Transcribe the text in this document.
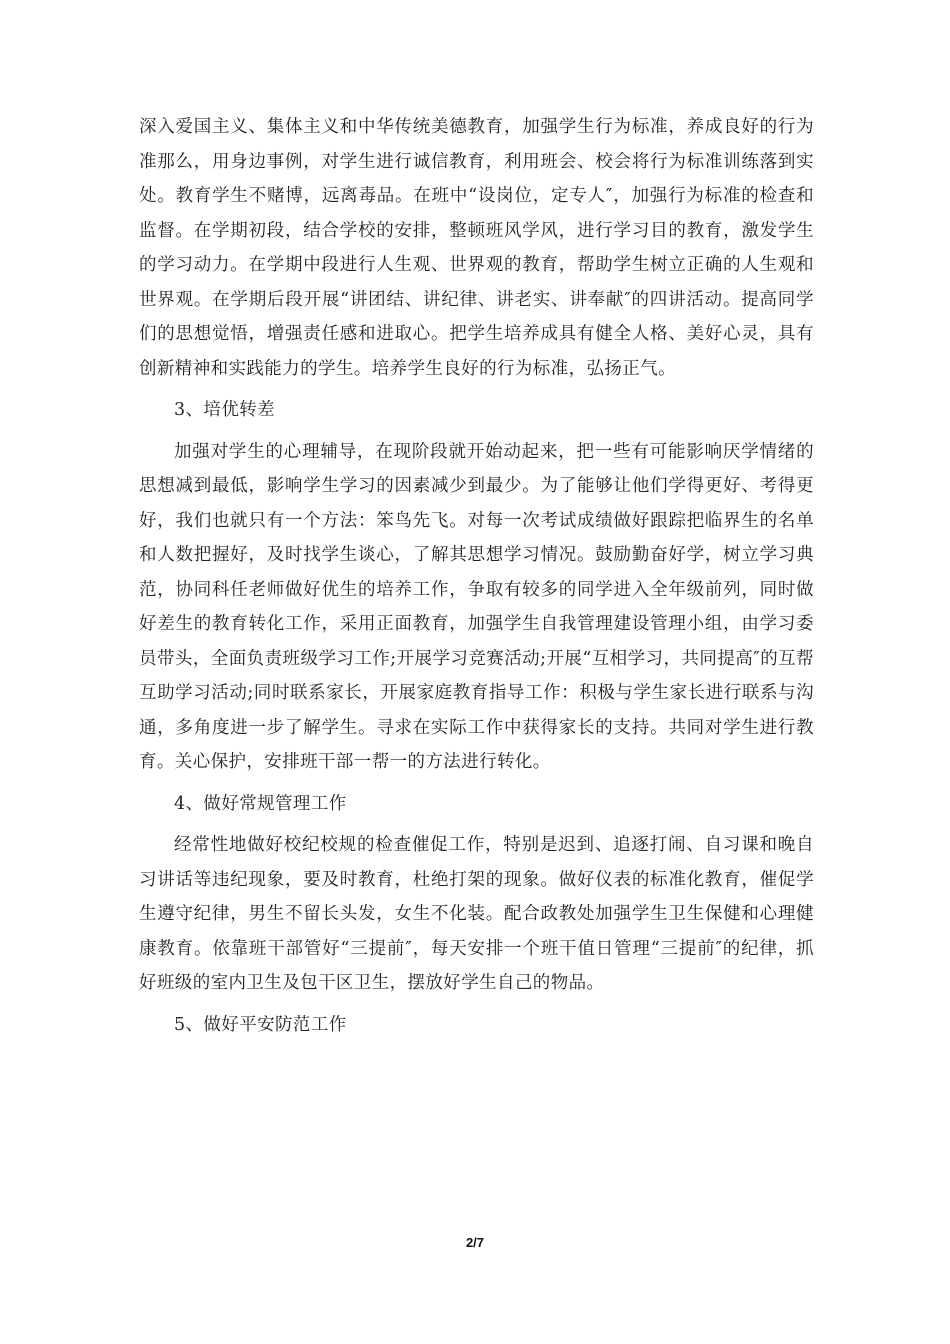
深入爱国主义、集体主义和中华传统美德教育，加强学生行为标准，养成良好的行为准那么，用身边事例，对学生进行诚信教育，利用班会、校会将行为标准训练落到实处。教育学生不赌博，远离毒品。在班中“设岗位，定专人″，加强行为标准的检查和监督。在学期初段，结合学校的安排，整顿班风学风，进行学习目的教育，激发学生的学习动力。在学期中段进行人生观、世界观的教育，帮助学生树立正确的人生观和世界观。在学期后段开展“讲团结、讲纪律、讲老实、讲奉献″的四讲活动。提高同学们的思想觉悟，增强责任感和进取心。把学生培养成具有健全人格、美好心灵，具有创新精神和实践能力的学生。培养学生良好的行为标准，弘扬正气。

3、培优转差

加强对学生的心理辅导，在现阶段就开始动起来，把一些有可能影响厌学情绪的思想减到最低，影响学生学习的因素减少到最少。为了能够让他们学得更好、考得更好，我们也就只有一个方法：笨鸟先飞。对每一次考试成绩做好跟踪把临界生的名单和人数把握好，及时找学生谈心，了解其思想学习情况。鼓励勤奋好学，树立学习典范，协同科任老师做好优生的培养工作，争取有较多的同学进入全年级前列，同时做好差生的教育转化工作，采用正面教育，加强学生自我管理建设管理小组，由学习委员带头，全面负责班级学习工作;开展学习竞赛活动;开展“互相学习，共同提高″的互帮互助学习活动;同时联系家长，开展家庭教育指导工作：积极与学生家长进行联系与沟通，多角度进一步了解学生。寻求在实际工作中获得家长的支持。共同对学生进行教育。关心保护，安排班干部一帮一的方法进行转化。

4、做好常规管理工作

经常性地做好校纪校规的检查催促工作，特别是迟到、追逐打闹、自习课和晚自习讲话等违纪现象，要及时教育，杜绝打架的现象。做好仪表的标准化教育，催促学生遵守纪律，男生不留长头发，女生不化装。配合政教处加强学生卫生保健和心理健康教育。依靠班干部管好“三提前″，每天安排一个班干值日管理“三提前″的纪律，抓好班级的室内卫生及包干区卫生，摆放好学生自己的物品。

5、做好平安防范工作

2/7
